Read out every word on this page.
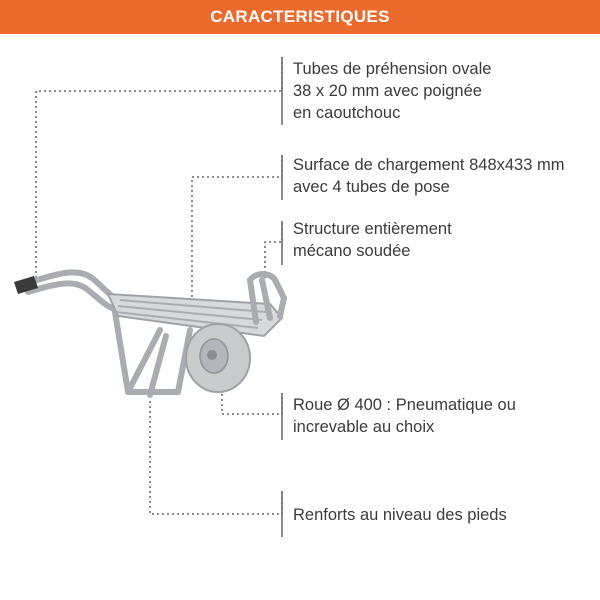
CARACTERISTIQUES
Tubes de préhension ovale
38 x 20 mm avec poignée
en caoutchouc
Surface de chargement 848x433 mm
avec 4 tubes de pose
Structure entièrement
mécano soudée
Roue Ø 400 : Pneumatique ou
increvable au choix
Renforts au niveau des pieds
